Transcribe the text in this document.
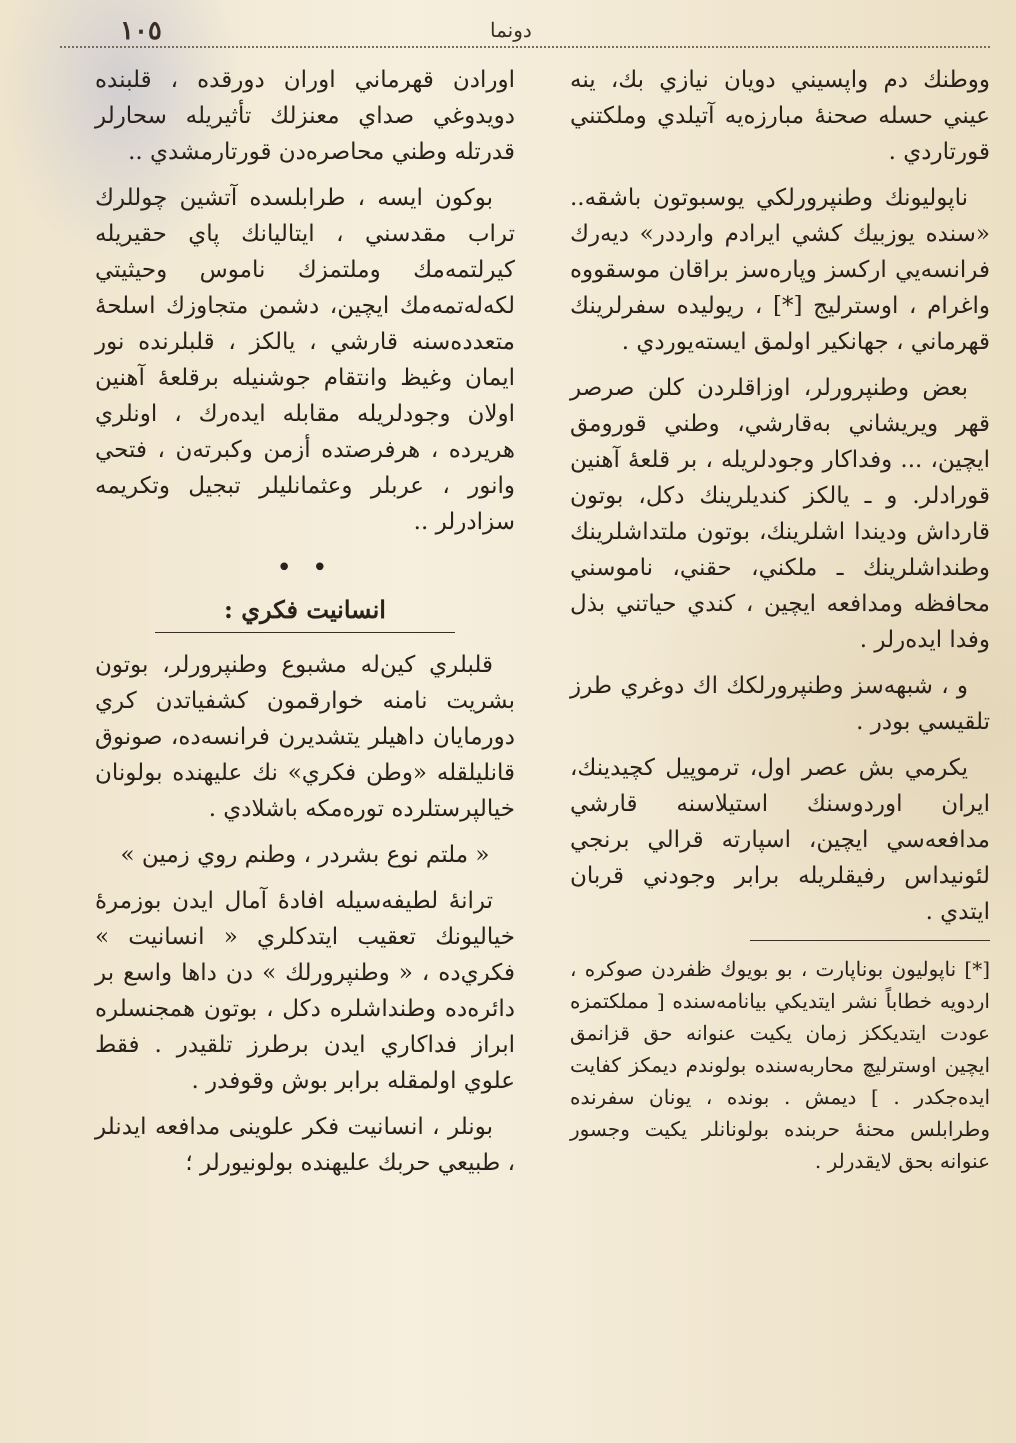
١٠٥	دونما

ووطنك دم واپسيني دويان نيازي بك، ينه عيني حسله صحنهٔ مبارزه‌يه آتيلدي وملكتني قورتاردي .

ناپوليونك وطنپرورلكي يوسبوتون باشقه.. «سنده يوزبيك كشي ايرادم وارددر» ديه‌رك فرانسه‌يي اركسز وپاره‌سز براقان موسقووه واغرام ، اوسترليج [*] ، ريوليده سفرلرينك قهرماني ، جهانكير اولمق ايسته‌يوردي .

بعض وطنپرورلر، اوزاقلردن كلن صرصر قهر ويريشاني به‌قارشي، وطني قورومق ايچين، ... وفداكار وجودلريله ، بر قلعهٔ آهنين قورادلر. و ـ يالكز كنديلرينك دكل، بوتون قارداش وديندا اشلرينك، بوتون ملتداشلرينك وطنداشلرينك ـ ملكني، حقني، ناموسني محافظه ومدافعه ايچين ، كندي حياتني بذل وفدا ايده‌رلر .

و ، شبهه‌سز وطنپرورلكك اك دوغري طرز تلقيسي بودر .

يكرمي بش عصر اول، ترموپيل كچيدينك، ايران اوردوسنك استيلاسنه قارشي مدافعه‌سي ايچين، اسپارته قرالي برنجي لئونيداس رفيقلريله برابر وجودني قربان ايتدي .

[*] ناپوليون بوناپارت ، بو بويوك ظفردن صوكره ، اردويه خطاباً نشر ايتديكي بيانامه‌سنده [ مملكتمزه عودت ايتديككز زمان يكيت عنوانه حق قزانمق ايچين اوسترليچ محاربه‌سنده بولوندم ديمكز كفايت ايده‌جكدر . ] ديمش . بونده ، يونان سفرنده وطرابلس محنهٔ حربنده بولونانلر يكيت وجسور عنوانه بحق لايقدرلر .

اورادن قهرماني اوران دورقده ، قلبنده دويدوغي صداي معنزلك تأثيريله سحارلر قدرتله وطني محاصره‌دن قورتارمشدي ..

بوكون ايسه ، طرابلسده آتشين چوللرك تراب مقدسني ، ايتاليانك پاي حقيريله كيرلتمه‌مك وملتمزك ناموس وحيثيتي لكه‌له‌تمه‌مك ايچين، دشمن متجاوزك اسلحهٔ متعدده‌سنه قارشي ، يالكز ، قلبلرنده نور ايمان وغيظ وانتقام جوشنيله برقلعهٔ آهنين اولان وجودلريله مقابله ايده‌رك ، اونلري هريرده ، هرفرصتده أزمن وكبرته‌ن ، فتحي وانور ، عربلر وعثمانليلر تبجيل وتكريمه سزادرلر ..

• •
انسانيت فكري :

قلبلري كين‌له مشبوع وطنپرورلر، بوتون بشريت نامنه خوارقمون كشفياتدن كري دورمايان داهيلر يتشديرن فرانسه‌ده، صونوق قانليلقله «وطن فكري» نك عليهنده بولونان خيالپرستلرده توره‌مكه باشلادي .

« ملتم نوع بشردر ، وطنم روي زمين »

ترانهٔ لطيفه‌سيله افادهٔ آمال ايدن بوزمرهٔ خياليونك تعقيب ايتدكلري « انسانيت » فكري‌ده ، « وطنپرورلك » دن داها واسع بر دائره‌ده وطنداشلره دكل ، بوتون همجنسلره ابراز فداكاري ايدن برطرز تلقيدر . فقط علوي اولمقله برابر بوش وقوفدر .

بونلر ، انسانيت فكر علوينى مدافعه ايدنلر ، طبيعي حربك عليهنده بولونيورلر ؛
